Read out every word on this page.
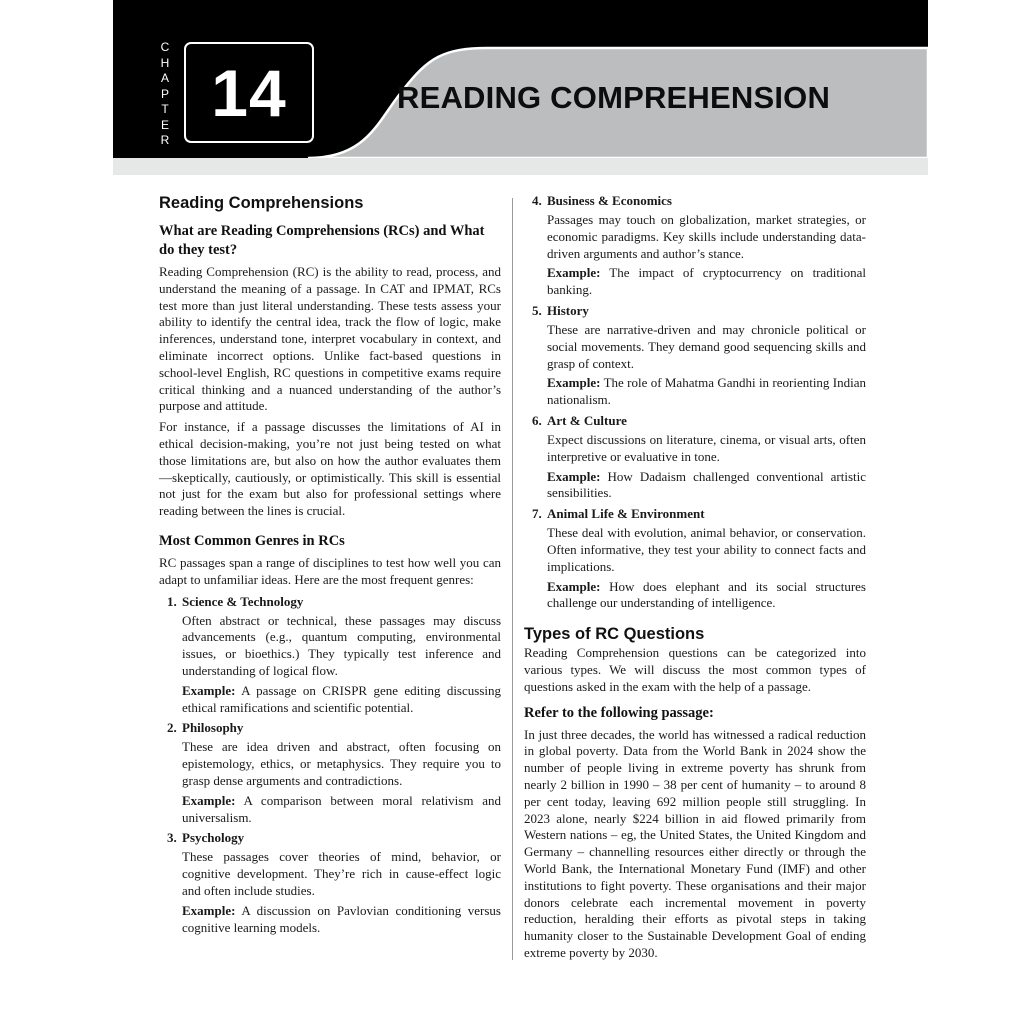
C
H
A
P
T
E
R
14	READING COMPREHENSION
Reading Comprehensions
What are Reading Comprehensions (RCs) and What do they test?

Reading Comprehension (RC) is the ability to read, process, and understand the meaning of a passage. In CAT and IPMAT, RCs test more than just literal understanding. These tests assess your ability to identify the central idea, track the flow of logic, make inferences, understand tone, interpret vocabulary in context, and eliminate incorrect options. Unlike fact-based questions in school-level English, RC questions in competitive exams require critical thinking and a nuanced understanding of the author’s purpose and attitude.

For instance, if a passage discusses the limitations of AI in ethical decision-making, you’re not just being tested on what those limitations are, but also on how the author evaluates them—skeptically, cautiously, or optimistically. This skill is essential not just for the exam but also for professional settings where reading between the lines is crucial.

Most Common Genres in RCs

RC passages span a range of disciplines to test how well you can adapt to unfamiliar ideas. Here are the most frequent genres:

1. Science & Technology

Often abstract or technical, these passages may discuss advancements (e.g., quantum computing, environmental issues, or bioethics.) They typically test inference and understanding of logical flow.

Example: A passage on CRISPR gene editing discussing ethical ramifications and scientific potential.

2. Philosophy

These are idea driven and abstract, often focusing on epistemology, ethics, or metaphysics. They require you to grasp dense arguments and contradictions.

Example: A comparison between moral relativism and universalism.

3. Psychology

These passages cover theories of mind, behavior, or cognitive development. They’re rich in cause-effect logic and often include studies.

Example: A discussion on Pavlovian conditioning versus cognitive learning models.

4. Business & Economics

Passages may touch on globalization, market strategies, or economic paradigms. Key skills include understanding data-driven arguments and author’s stance.

Example: The impact of cryptocurrency on traditional banking.

5. History

These are narrative-driven and may chronicle political or social movements. They demand good sequencing skills and grasp of context.

Example: The role of Mahatma Gandhi in reorienting Indian nationalism.

6. Art & Culture

Expect discussions on literature, cinema, or visual arts, often interpretive or evaluative in tone.

Example: How Dadaism challenged conventional artistic sensibilities.

7. Animal Life & Environment

These deal with evolution, animal behavior, or conservation. Often informative, they test your ability to connect facts and implications.

Example: How does elephant and its social structures challenge our understanding of intelligence.

Types of RC Questions

Reading Comprehension questions can be categorized into various types. We will discuss the most common types of questions asked in the exam with the help of a passage.

Refer to the following passage:

In just three decades, the world has witnessed a radical reduction in global poverty. Data from the World Bank in 2024 show the number of people living in extreme poverty has shrunk from nearly 2 billion in 1990 – 38 per cent of humanity – to around 8 per cent today, leaving 692 million people still struggling. In 2023 alone, nearly $224 billion in aid flowed primarily from Western nations – eg, the United States, the United Kingdom and Germany – channelling resources either directly or through the World Bank, the International Monetary Fund (IMF) and other institutions to fight poverty. These organisations and their major donors celebrate each incremental movement in poverty reduction, heralding their efforts as pivotal steps in taking humanity closer to the Sustainable Development Goal of ending extreme poverty by 2030.
